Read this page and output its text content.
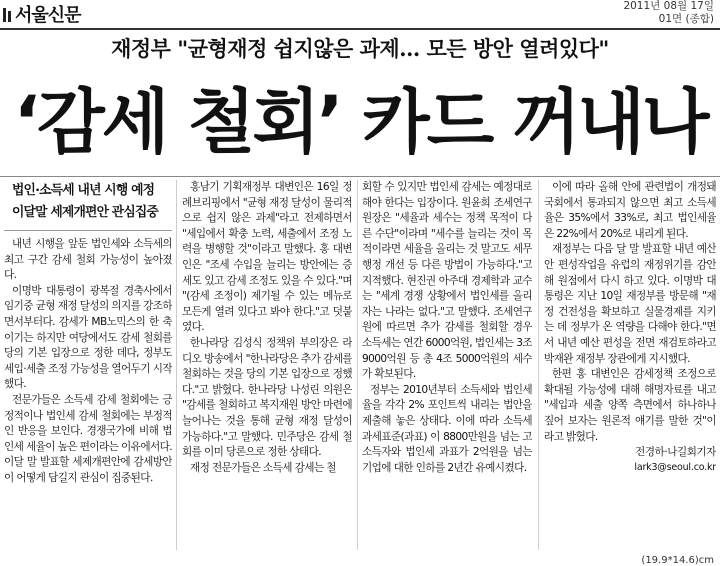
서울신문	2011년 08월 17일
01면 (종합)
재정부 "균형재정 쉽지않은 과제… 모든 방안 열려있다"
‘감세 철회’ 카드 꺼내나

법인·소득세 내년 시행 예정

이달말 세제개편안 관심집중

내년 시행을 앞둔 법인세와 소득세의 최고 구간 감세 철회 가능성이 높아졌다.

이명박 대통령이 광복절 경축사에서 임기중 균형 재정 달성의 의지를 강조하면서부터다. 감세가 MB노믹스의 한 축이기는 하지만 여당에서도 감세 철회를 당의 기본 입장으로 정한 데다, 정부도 세입·세출 조정 가능성을 열어두기 시작했다.

전문가들은 소득세 감세 철회에는 긍정적이나 법인세 감세 철회에는 부정적인 반응을 보인다. 경쟁국가에 비해 법인세 세율이 높은 편이라는 이유에서다. 이달 말 발표할 세제개편안에 감세방안이 어떻게 담길지 관심이 집중된다.

홍남기 기획재정부 대변인은 16일 정례브리핑에서 "균형 재정 달성이 물리적으로 쉽지 않은 과제"라고 전제하면서 "세입에서 확충 노력, 세출에서 조정 노력을 병행할 것"이라고 말했다. 홍 대변인은 "조세 수입을 늘리는 방안에는 증세도 있고 감세 조정도 있을 수 있다."며 "(감세 조정이) 제기될 수 있는 메뉴로 모든게 열려 있다고 봐야 한다."고 덧붙였다.

한나라당 김성식 정책위 부의장은 라디오 방송에서 "한나라당은 추가 감세를 철회하는 것을 당의 기본 입장으로 정했다."고 밝혔다. 한나라당 나성린 의원은 "감세를 철회하고 복지재원 방안 마련에 늘어나는 것을 통해 균형 재정 달성이 가능하다."고 말했다. 민주당은 감세 철회를 이미 당론으로 정한 상태다.

재정 전문가들은 소득세 감세는 철

회할 수 있지만 법인세 감세는 예정대로 해야 한다는 입장이다. 원윤희 조세연구원장은 "세율과 세수는 정책 목적이 다른 수단"이라며 "세수를 늘리는 것이 목적이라면 세율을 올리는 것 말고도 세무행정 개선 등 다른 방법이 가능하다."고 지적했다. 현진권 아주대 경제학과 교수는 "세계 경쟁 상황에서 법인세를 올리자는 나라는 없다."고 말했다. 조세연구원에 따르면 추가 감세를 철회할 경우 소득세는 연간 6000억원, 법인세는 3조 9000억원 등 총 4조 5000억원의 세수가 확보된다.

정부는 2010년부터 소득세와 법인세율을 각각 2% 포인트씩 내리는 법안을 제출해 놓은 상태다. 이에 따라 소득세 과세표준(과표) 이 8800만원을 넘는 고소득자와 법인세 과표가 2억원을 넘는 기업에 대한 인하를 2년간 유예시켰다.

이에 따라 올해 안에 관련법이 개정돼 국회에서 통과되지 않으면 최고 소득세율은 35%에서 33%로, 최고 법인세율은 22%에서 20%로 내리게 된다.

재정부는 다음 달 말 발표할 내년 예산안 편성작업을 유럽의 재정위기를 감안해 원점에서 다시 하고 있다. 이명박 대통령은 지난 10일 재정부를 방문해 "재정 건전성을 확보하고 실물경제를 지키는 데 정부가 온 역량을 다해야 한다."면서 내년 예산 편성을 전면 재검토하라고 박재완 재정부 장관에게 지시했다.

한편 홍 대변인은 감세정책 조정으로 확대될 가능성에 대해 해명자료를 내고 "세입과 세출 양쪽 측면에서 하나하나 짚어 보자는 원론적 얘기를 말한 것"이라고 밝혔다.

전경하·나길회기자
lark3@seoul.co.kr
(19.9*14.6)cm
